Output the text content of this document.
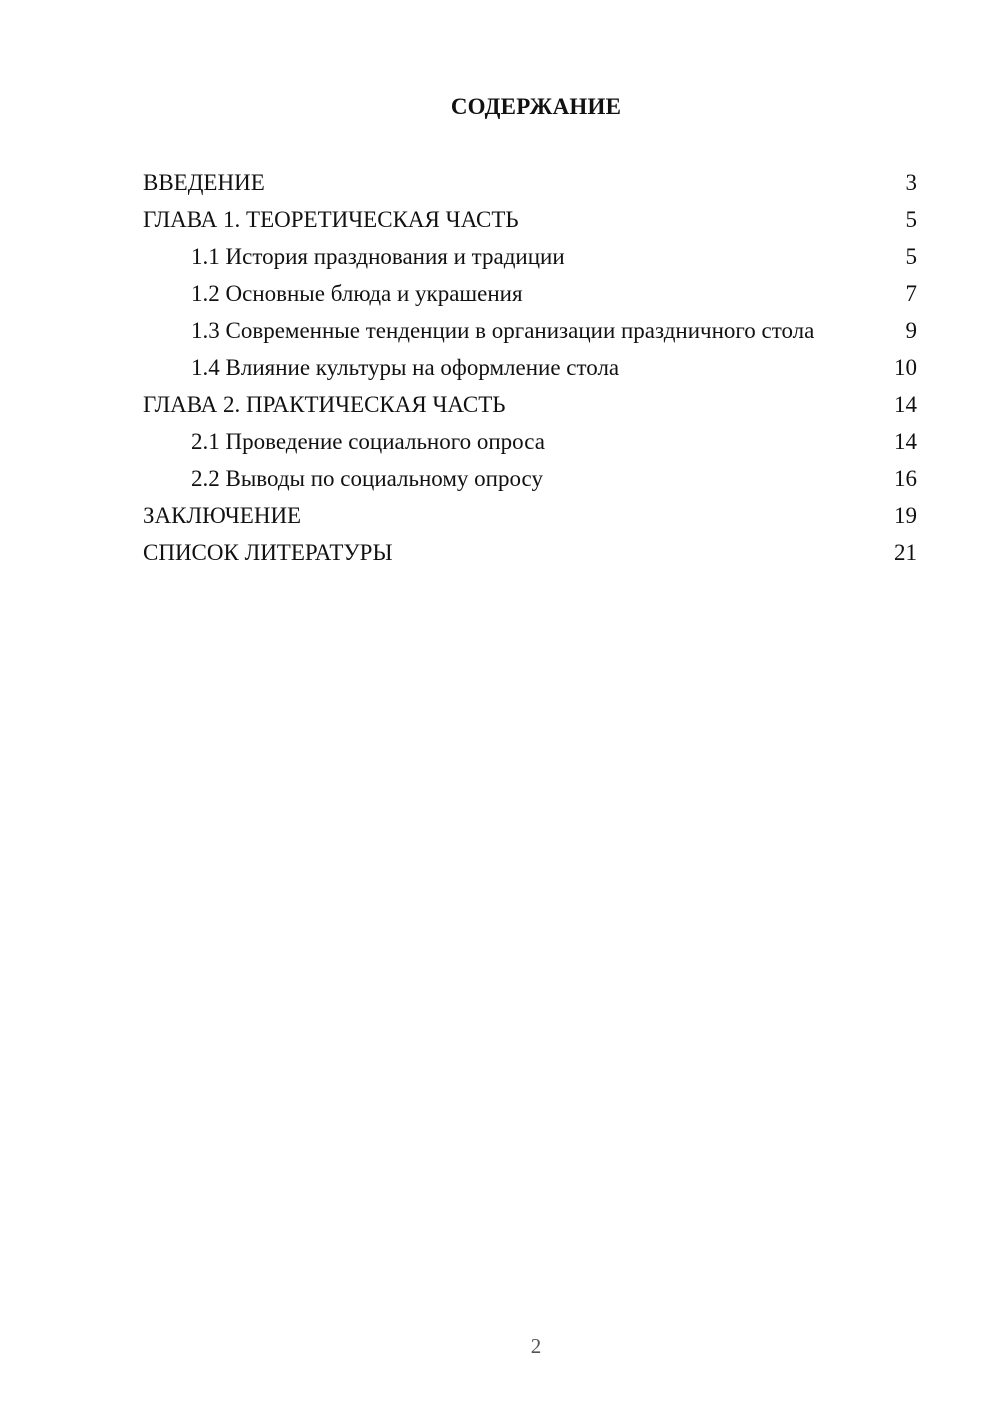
СОДЕРЖАНИЕ
ВВЕДЕНИЕ	3
ГЛАВА 1. ТЕОРЕТИЧЕСКАЯ ЧАСТЬ	5
1.1 История празднования и традиции	5
1.2 Основные блюда и украшения	7
1.3 Современные тенденции в организации праздничного стола	9
1.4 Влияние культуры на оформление стола	10
ГЛАВА 2. ПРАКТИЧЕСКАЯ ЧАСТЬ	14
2.1 Проведение социального опроса	14
2.2 Выводы по социальному опросу	16
ЗАКЛЮЧЕНИЕ	19
СПИСОК ЛИТЕРАТУРЫ	21
2
